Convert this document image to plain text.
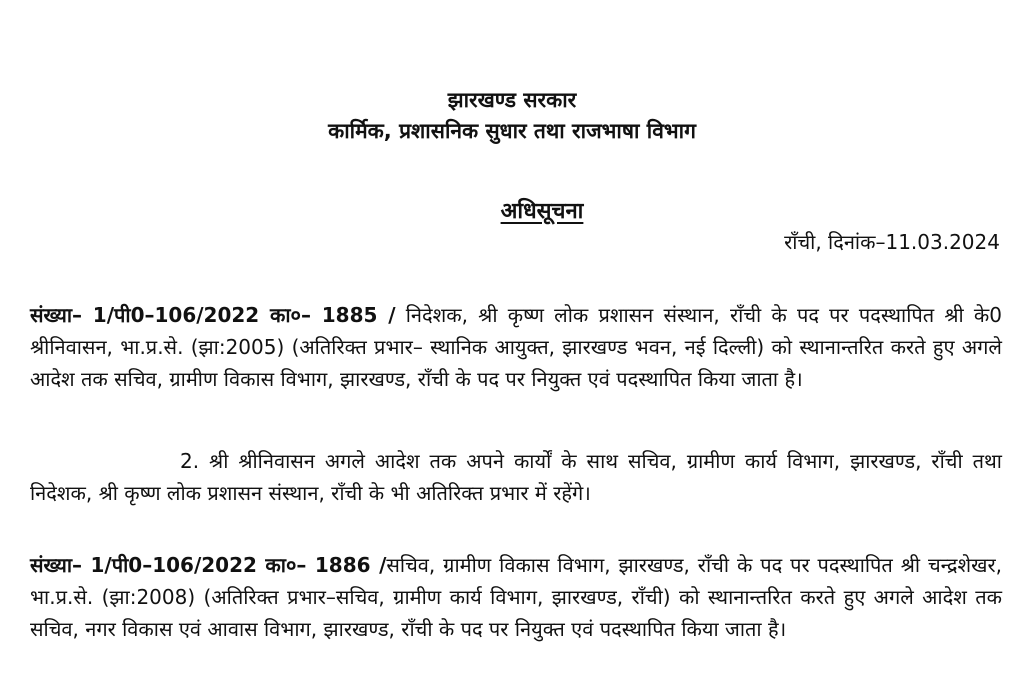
झारखण्ड सरकार
कार्मिक, प्रशासनिक सुधार तथा राजभाषा विभाग
अधिसूचना
राँची, दिनांक–11.03.2024
संख्या– 1/पी0–106/2022 का०– 1885 / निदेशक, श्री कृष्ण लोक प्रशासन संस्थान, राँची के पद पर पदस्थापित श्री के0 श्रीनिवासन, भा.प्र.से. (झा:2005) (अतिरिक्त प्रभार– स्थानिक आयुक्त, झारखण्ड भवन, नई दिल्ली) को स्थानान्तरित करते हुए अगले आदेश तक सचिव, ग्रामीण विकास विभाग, झारखण्ड, राँची के पद पर नियुक्त एवं पदस्थापित किया जाता है।
2. श्री श्रीनिवासन अगले आदेश तक अपने कार्यों के साथ सचिव, ग्रामीण कार्य विभाग, झारखण्ड, राँची तथा निदेशक, श्री कृष्ण लोक प्रशासन संस्थान, राँची के भी अतिरिक्त प्रभार में रहेंगे।
संख्या– 1/पी0–106/2022 का०– 1886 /सचिव, ग्रामीण विकास विभाग, झारखण्ड, राँची के पद पर पदस्थापित श्री चन्द्रशेखर, भा.प्र.से. (झा:2008) (अतिरिक्त प्रभार–सचिव, ग्रामीण कार्य विभाग, झारखण्ड, राँची) को स्थानान्तरित करते हुए अगले आदेश तक सचिव, नगर विकास एवं आवास विभाग, झारखण्ड, राँची के पद पर नियुक्त एवं पदस्थापित किया जाता है।
